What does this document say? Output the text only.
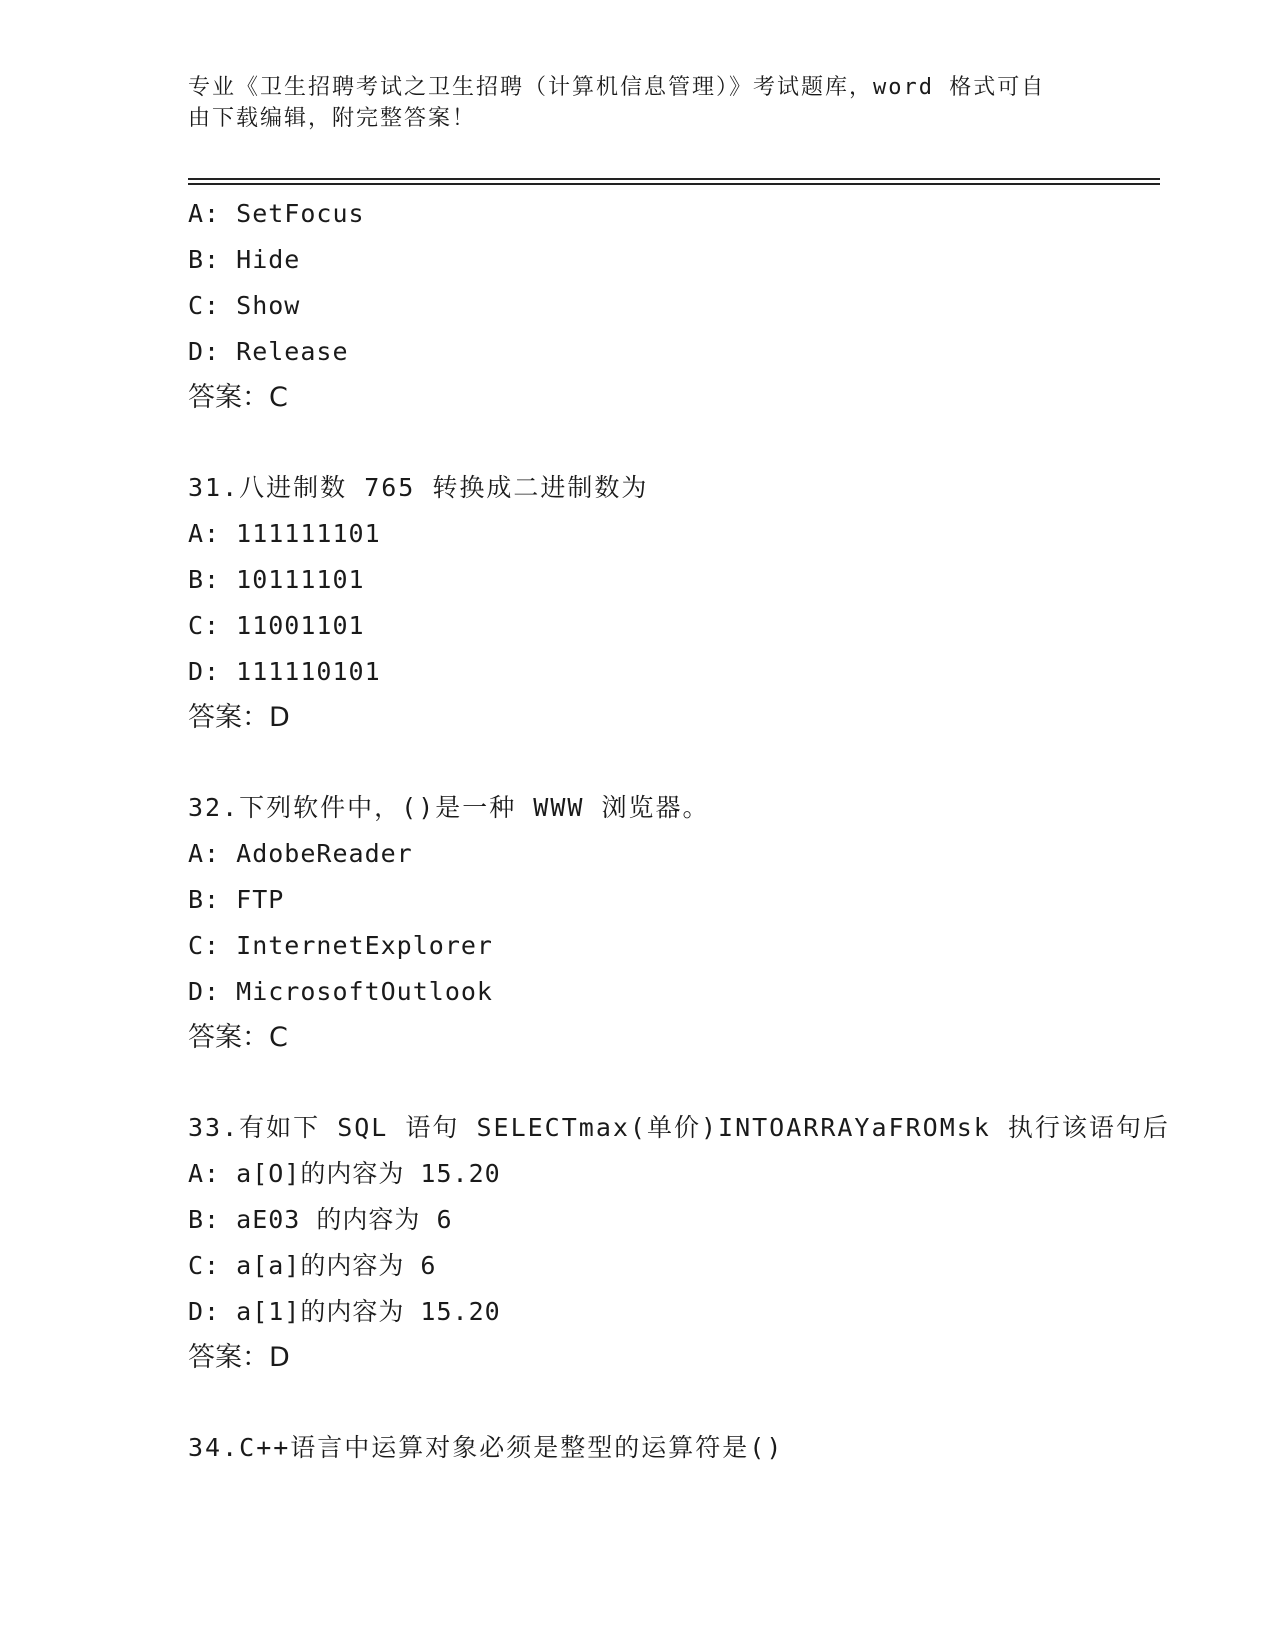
专业《卫生招聘考试之卫生招聘（计算机信息管理）》考试题库，word 格式可自
由下载编辑，附完整答案！

A: SetFocus
B: Hide
C: Show
D: Release
答案：C
31.八进制数 765 转换成二进制数为
A: 111111101
B: 10111101
C: 11001101
D: 111110101
答案：D
32.下列软件中，()是一种 WWW 浏览器。
A: AdobeReader
B: FTP
C: InternetExplorer
D: MicrosoftOutlook
答案：C
33.有如下 SQL 语句 SELECTmax(单价)INTOARRAYaFROMsk 执行该语句后
A: a[O]的内容为 15.20
B: aE03 的内容为 6
C: a[a]的内容为 6
D: a[1]的内容为 15.20
答案：D
34.C++语言中运算对象必须是整型的运算符是()
